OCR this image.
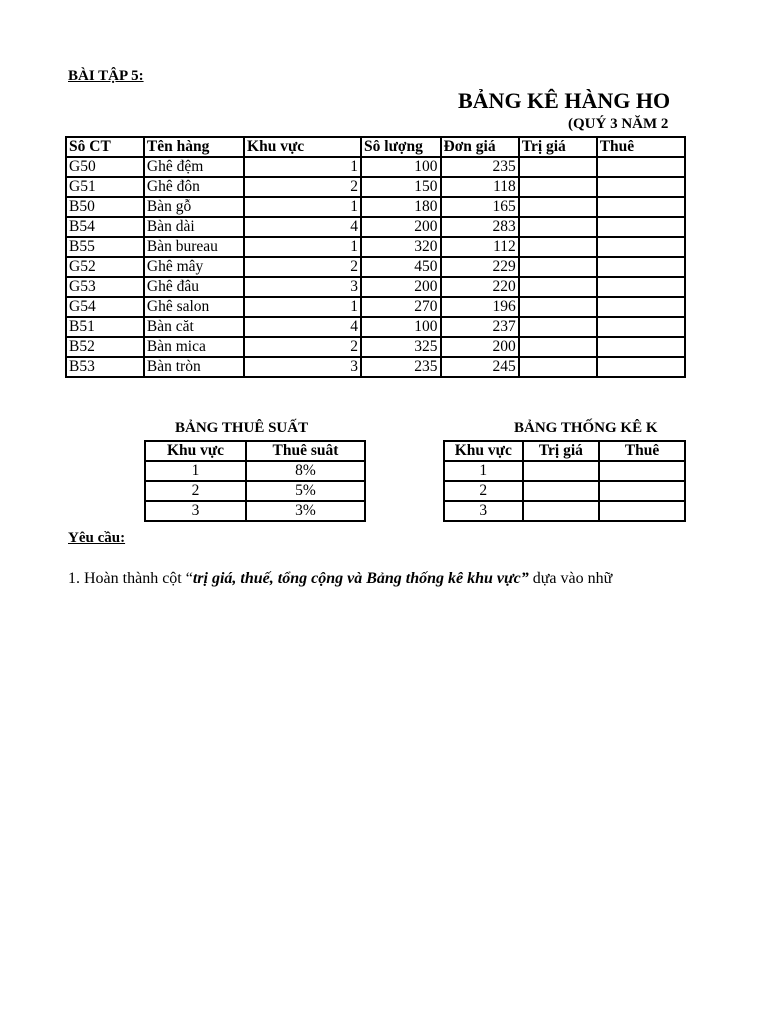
BÀI TẬP 5:
BẢNG KÊ HÀNG HO
(QUÝ 3 NĂM 2
Sô CT	Tên hàng	Khu vực	Sô lượng	Đơn giá	Trị giá	Thuê
G50	Ghê đệm	1	100	235		
G51	Ghê đôn	2	150	118		
B50	Bàn gỗ	1	180	165		
B54	Bàn dài	4	200	283		
B55	Bàn bureau	1	320	112		
G52	Ghê mây	2	450	229		
G53	Ghê đâu	3	200	220		
G54	Ghê salon	1	270	196		
B51	Bàn căt	4	100	237		
B52	Bàn mica	2	325	200		
B53	Bàn tròn	3	235	245		
BẢNG THUÊ SUẤT
Khu vực	Thuê suât
1	8%
2	5%
3	3%
BẢNG THỐNG KÊ K
Khu vực	Trị giá	Thuê
1		
2		
3		
Yêu cầu:
1. Hoàn thành cột “trị giá, thuế, tổng cộng và Bảng thống kê khu vực” dựa vào nhữ
